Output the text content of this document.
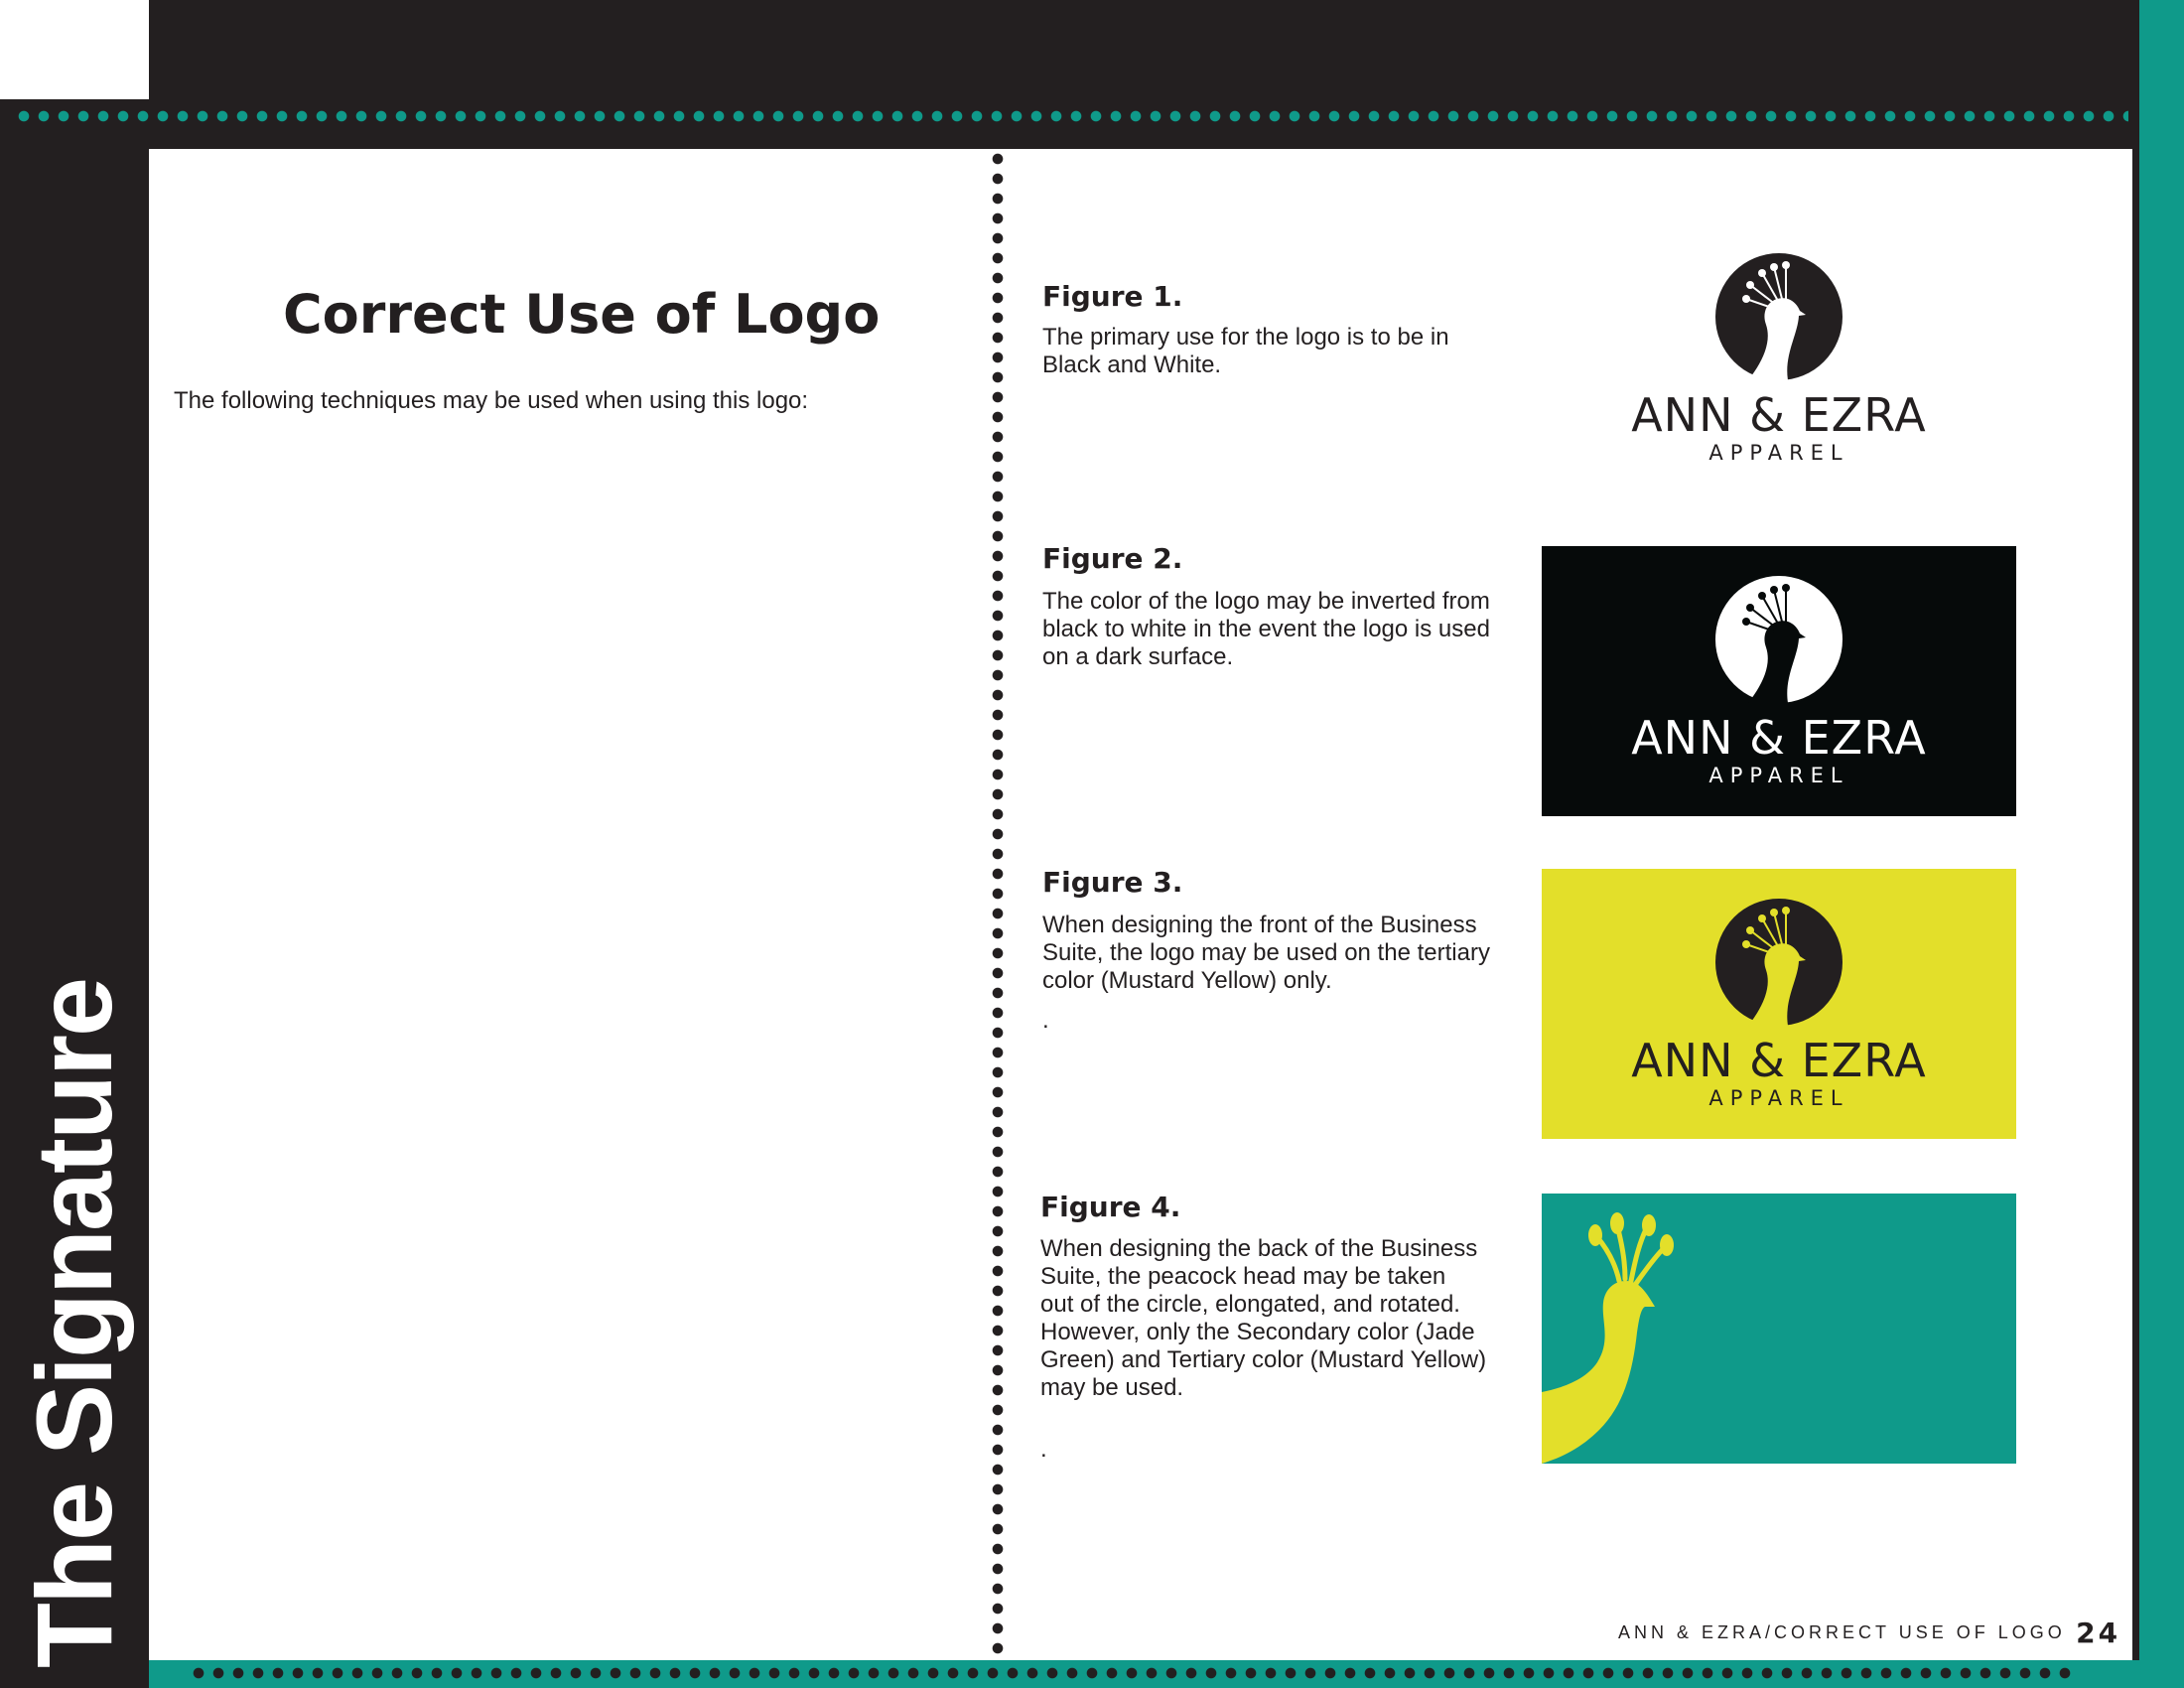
The Signature
Correct Use of Logo

The following techniques may be used when using this logo:

Figure 1.

The primary use for the logo is to be in
Black and White.
ANN & EZRA
APPAREL

Figure 2.

The color of the logo may be inverted from
black to white in the event the logo is used
on a dark surface.
ANN & EZRA
APPAREL

Figure 3.

When designing the front of the Business
Suite, the logo may be used on the tertiary
color (Mustard Yellow) only.
.
ANN & EZRA
APPAREL

Figure 4.

When designing the back of the Business
Suite, the peacock head may be taken
out of the circle, elongated, and rotated.
However, only the Secondary color (Jade
Green) and Tertiary color (Mustard Yellow)
may be used.
.
ANN & EZRA/CORRECT USE OF LOGO 24
